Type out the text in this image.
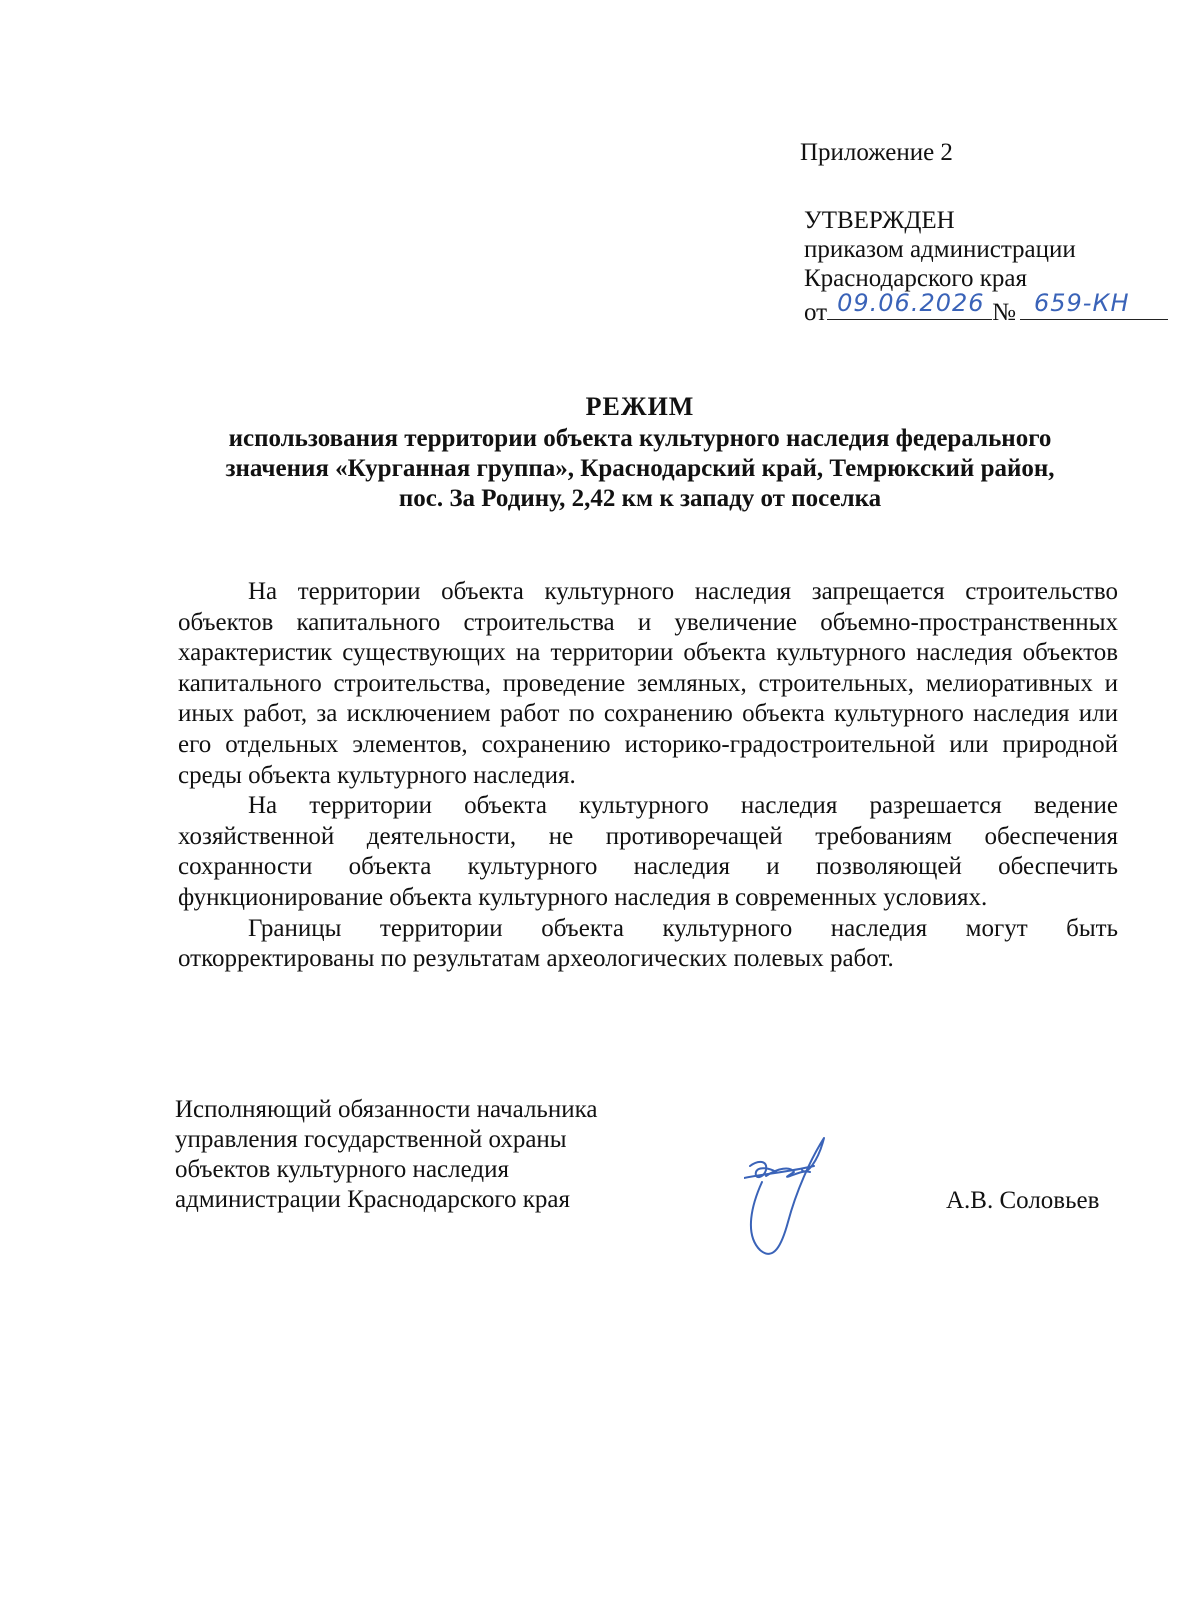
Приложение 2
УТВЕРЖДЕН
приказом администрации
Краснодарского края
от 09.06.2026 № 659-КН
РЕЖИМ
использования территории объекта культурного наследия федерального
значения «Курганная группа», Краснодарский край, Темрюкский район,
пос. За Родину, 2,42 км к западу от поселка

На территории объекта культурного наследия запрещается строительство объектов капитального строительства и увеличение объемно-пространственных характеристик существующих на территории объекта культурного наследия объектов капитального строительства, проведение земляных, строительных, мелиоративных и иных работ, за исключением работ по сохранению объекта культурного наследия или его отдельных элементов, сохранению историко-градостроительной или природной среды объекта культурного наследия.

На территории объекта культурного наследия разрешается ведение хозяйственной деятельности, не противоречащей требованиям обеспечения сохранности объекта культурного наследия и позволяющей обеспечить функционирование объекта культурного наследия в современных условиях.

Границы территории объекта культурного наследия могут быть откорректированы по результатам археологических полевых работ.

Исполняющий обязанности начальника
управления государственной охраны
объектов культурного наследия
администрации Краснодарского края	А.В. Соловьев
